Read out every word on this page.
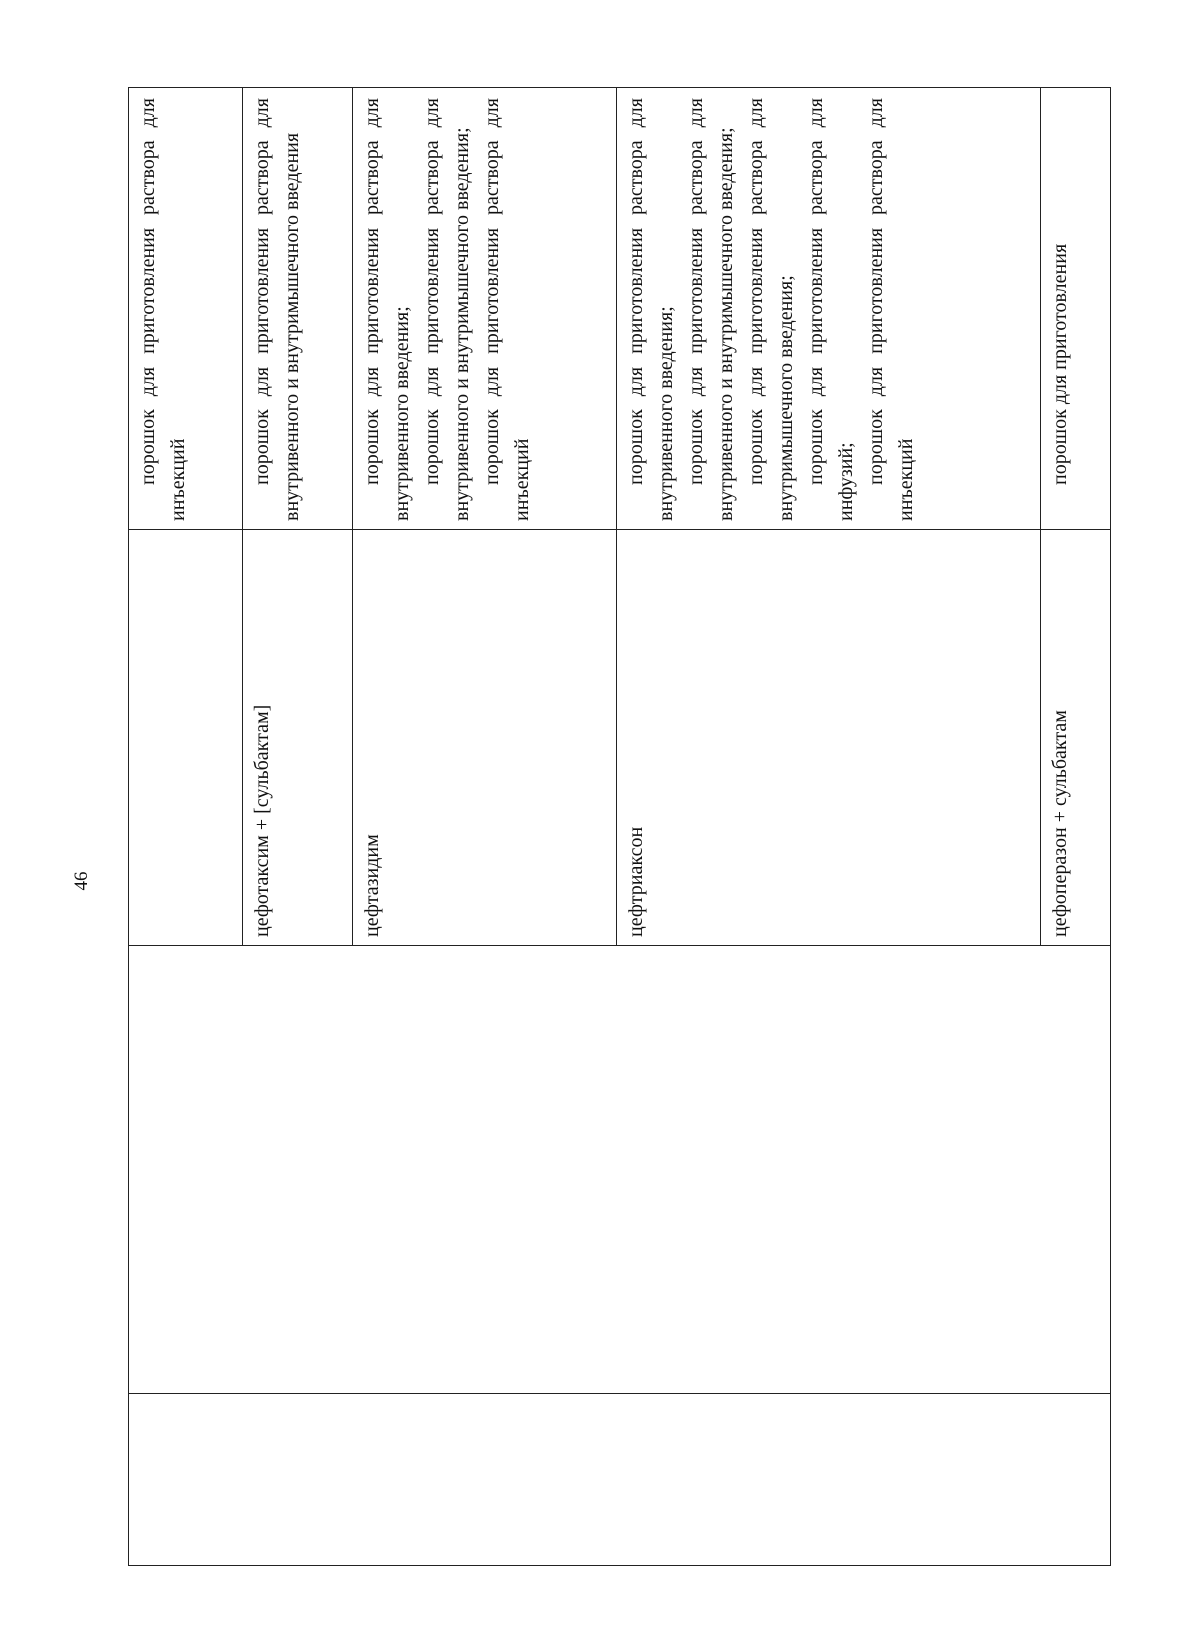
46

			порошок для приготовления раствора для инъекций

		цефотаксим + [сульбактам]	порошок для приготовления раствора для внутривенного и внутримышечного введения

		цефтазидим	порошок для приготовления раствора для внутривенного введения; порошок для приготовления раствора для внутривенного и внутримышечного введения; порошок для приготовления раствора для инъекций

		цефтриаксон	порошок для приготовления раствора для внутривенного введения; порошок для приготовления раствора для внутривенного и внутримышечного введения; порошок для приготовления раствора для внутримышечного введения; порошок для приготовления раствора для инфузий; порошок для приготовления раствора для инъекций

		цефоперазон + сульбактам	порошок для приготовления
